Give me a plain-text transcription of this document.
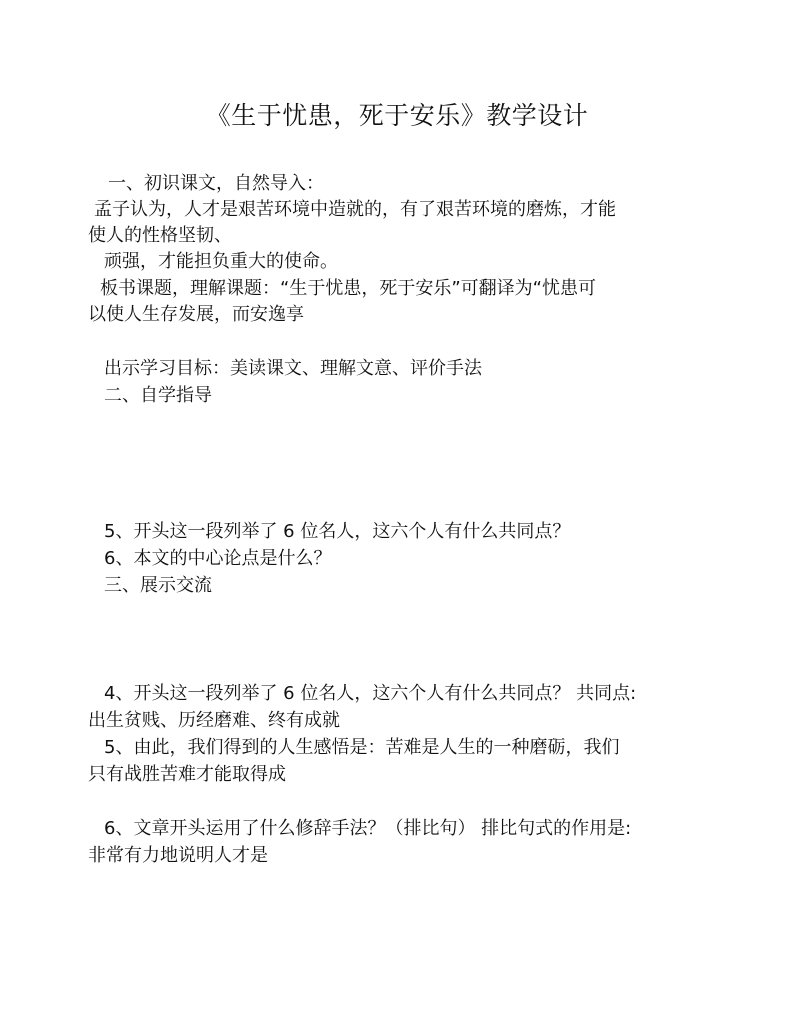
《生于忧患，死于安乐》教学设计
一、初识课文，自然导入：
孟子认为，人才是艰苦环境中造就的，有了艰苦环境的磨炼，才能
使人的性格坚韧、
顽强，才能担负重大的使命。
板书课题，理解课题：“生于忧患，死于安乐”可翻译为“忧患可
以使人生存发展，而安逸享
出示学习目标：美读课文、理解文意、评价手法
二、自学指导
5、开头这一段列举了 6 位名人，这六个人有什么共同点？
6、本文的中心论点是什么？
三、展示交流
4、开头这一段列举了 6 位名人，这六个人有什么共同点？ 共同点:
出生贫贱、历经磨难、终有成就
5、由此，我们得到的人生感悟是：苦难是人生的一种磨砺，我们
只有战胜苦难才能取得成
6、文章开头运用了什么修辞手法？（排比句） 排比句式的作用是:
非常有力地说明人才是
